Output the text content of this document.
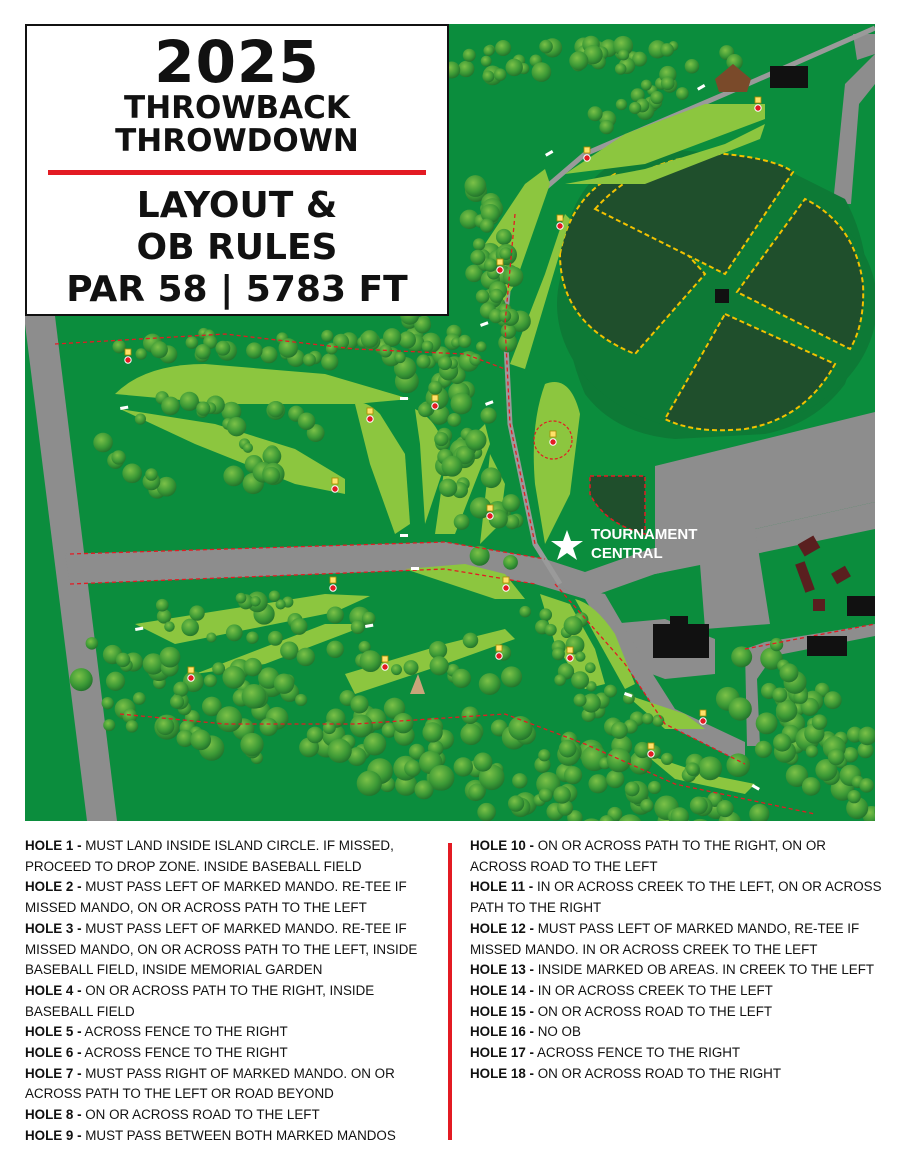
TOURNAMENT
CENTRAL
2025
THROWBACK
THROWDOWN
LAYOUT &
OB RULES
PAR 58 | 5783 FT

HOLE 1 - MUST LAND INSIDE ISLAND CIRCLE. IF MISSED, PROCEED TO DROP ZONE. INSIDE BASEBALL FIELD

HOLE 2 - MUST PASS LEFT OF MARKED MANDO. RE-TEE IF MISSED MANDO, ON OR ACROSS PATH TO THE LEFT

HOLE 3 - MUST PASS LEFT OF MARKED MANDO. RE-TEE IF MISSED MANDO, ON OR ACROSS PATH TO THE LEFT, INSIDE BASEBALL FIELD, INSIDE MEMORIAL GARDEN

HOLE 4 - ON OR ACROSS PATH TO THE RIGHT, INSIDE BASEBALL FIELD

HOLE 5 - ACROSS FENCE TO THE RIGHT

HOLE 6 - ACROSS FENCE TO THE RIGHT

HOLE 7 - MUST PASS RIGHT OF MARKED MANDO. ON OR ACROSS PATH TO THE LEFT OR ROAD BEYOND

HOLE 8 - ON OR ACROSS ROAD TO THE LEFT

HOLE 9 - MUST PASS BETWEEN BOTH MARKED MANDOS

HOLE 10 - ON OR ACROSS PATH TO THE RIGHT, ON OR ACROSS ROAD TO THE LEFT

HOLE 11 - IN OR ACROSS CREEK TO THE LEFT, ON OR ACROSS PATH TO THE RIGHT

HOLE 12 - MUST PASS LEFT OF MARKED MANDO, RE-TEE IF MISSED MANDO. IN OR ACROSS CREEK TO THE LEFT

HOLE 13 - INSIDE MARKED OB AREAS. IN CREEK TO THE LEFT

HOLE 14 - IN OR ACROSS CREEK TO THE LEFT

HOLE 15 - ON OR ACROSS ROAD TO THE LEFT

HOLE 16 - NO OB

HOLE 17 - ACROSS FENCE TO THE RIGHT

HOLE 18 - ON OR ACROSS ROAD TO THE RIGHT
